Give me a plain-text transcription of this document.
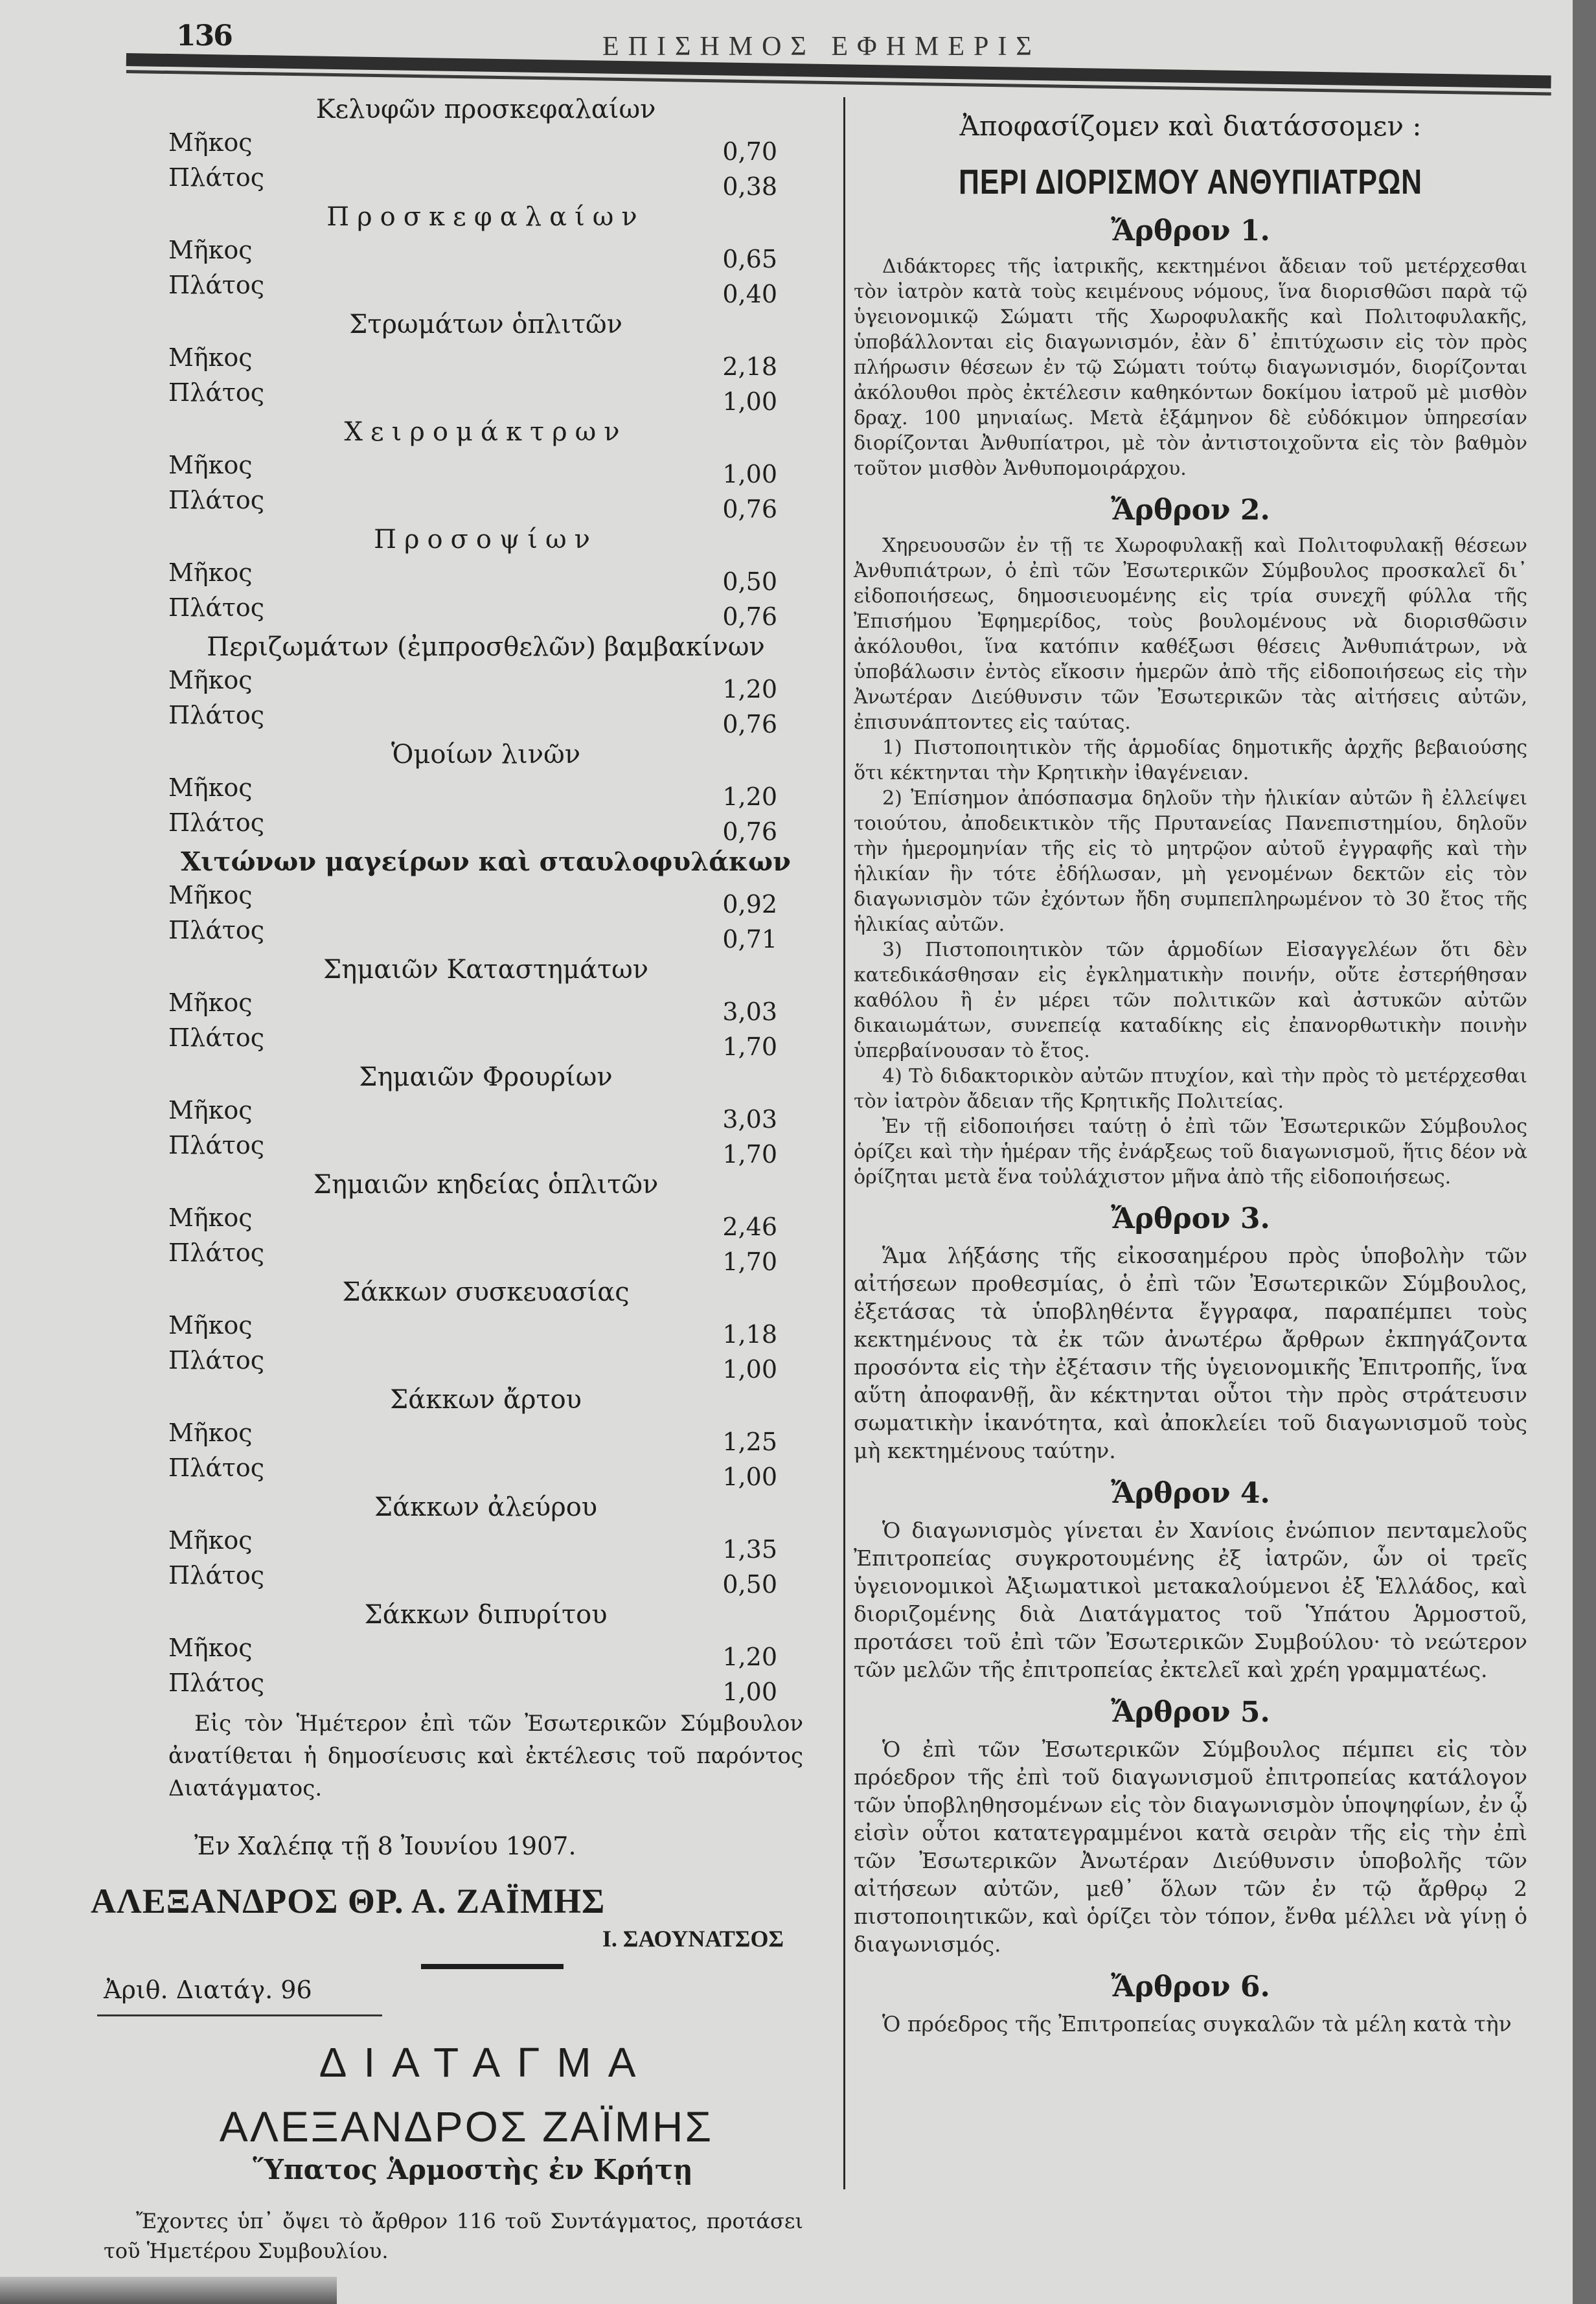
136	ΕΠΙΣΗΜΟΣ ΕΦΗΜΕΡΙΣ
Κελυφῶν προσκεφαλαίων
Μῆκος	0,70
Πλάτος	0,38
Προσκεφαλαίων
Μῆκος	0,65
Πλάτος	0,40
Στρωμάτων ὁπλιτῶν
Μῆκος	2,18
Πλάτος	1,00
Χειρομάκτρων
Μῆκος	1,00
Πλάτος	0,76
Προσοψίων
Μῆκος	0,50
Πλάτος	0,76
Περιζωμάτων (ἐμπροσθελῶν) βαμβακίνων
Μῆκος	1,20
Πλάτος	0,76
Ὁμοίων λινῶν
Μῆκος	1,20
Πλάτος	0,76
Χιτώνων μαγείρων καὶ σταυλοφυλάκων
Μῆκος	0,92
Πλάτος	0,71
Σημαιῶν Καταστημάτων
Μῆκος	3,03
Πλάτος	1,70
Σημαιῶν Φρουρίων
Μῆκος	3,03
Πλάτος	1,70
Σημαιῶν κηδείας ὁπλιτῶν
Μῆκος	2,46
Πλάτος	1,70
Σάκκων συσκευασίας
Μῆκος	1,18
Πλάτος	1,00
Σάκκων ἄρτου
Μῆκος	1,25
Πλάτος	1,00
Σάκκων ἀλεύρου
Μῆκος	1,35
Πλάτος	0,50
Σάκκων διπυρίτου
Μῆκος	1,20
Πλάτος	1,00

Εἰς τὸν Ἡμέτερον ἐπὶ τῶν Ἐσωτερικῶν Σύμβουλον ἀνατίθεται ἡ δημοσίευσις καὶ ἐκτέλεσις τοῦ παρόντος Διατάγματος.

Ἐν Χαλέπᾳ τῇ 8 Ἰουνίου 1907.
ΑΛΕΞΑΝΔΡΟΣ ΘΡ. Α. ΖΑΪΜΗΣ
Ι. ΣΑΟΥΝΑΤΣΟΣ
Ἀριθ. Διατάγ. 96
ΔΙΑΤΑΓΜΑ
ΑΛΕΞΑΝΔΡΟΣ ΖΑΪΜΗΣ
Ὕπατος Ἁρμοστὴς ἐν Κρήτῃ

Ἔχοντες ὑπ᾿ ὄψει τὸ ἄρθρον 116 τοῦ Συντάγματος, προτάσει τοῦ Ἡμετέρου Συμβουλίου.

Ἀποφασίζομεν καὶ διατάσσομεν :
ΠΕΡΙ ΔΙΟΡΙΣΜΟΥ ΑΝΘΥΠΙΑΤΡΩΝ
Ἄρθρον 1.

Διδάκτορες τῆς ἰατρικῆς, κεκτημένοι ἄδειαν τοῦ μετέρχεσθαι τὸν ἰατρὸν κατὰ τοὺς κειμένους νόμους, ἵνα διορισθῶσι παρὰ τῷ ὑγειονομικῷ Σώματι τῆς Χωροφυλακῆς καὶ Πολιτοφυλακῆς, ὑποβάλλονται εἰς διαγωνισμόν, ἐὰν δ᾿ ἐπιτύχωσιν εἰς τὸν πρὸς πλήρωσιν θέσεων ἐν τῷ Σώματι τούτῳ διαγωνισμόν, διορίζονται ἀκόλουθοι πρὸς ἐκτέλεσιν καθηκόντων δοκίμου ἰατροῦ μὲ μισθὸν δραχ. 100 μηνιαίως. Μετὰ ἑξάμηνον δὲ εὐδόκιμον ὑπηρεσίαν διορίζονται Ἀνθυπίατροι, μὲ τὸν ἀντιστοιχοῦντα εἰς τὸν βαθμὸν τοῦτον μισθὸν Ἀνθυπομοιράρχου.

Ἄρθρον 2.

Χηρευουσῶν ἐν τῇ τε Χωροφυλακῇ καὶ Πολιτοφυλακῇ θέσεων Ἀνθυπιάτρων, ὁ ἐπὶ τῶν Ἐσωτερικῶν Σύμβουλος προσκαλεῖ δι᾿ εἰδοποιήσεως, δημοσιευομένης εἰς τρία συνεχῆ φύλλα τῆς Ἐπισήμου Ἐφημερίδος, τοὺς βουλομένους νὰ διορισθῶσιν ἀκόλουθοι, ἵνα κατόπιν καθέξωσι θέσεις Ἀνθυπιάτρων, νὰ ὑποβάλωσιν ἐντὸς εἴκοσιν ἡμερῶν ἀπὸ τῆς εἰδοποιήσεως εἰς τὴν Ἀνωτέραν Διεύθυνσιν τῶν Ἐσωτερικῶν τὰς αἰτήσεις αὐτῶν, ἐπισυνάπτοντες εἰς ταύτας.

1) Πιστοποιητικὸν τῆς ἁρμοδίας δημοτικῆς ἀρχῆς βεβαιούσης ὅτι κέκτηνται τὴν Κρητικὴν ἰθαγένειαν.

2) Ἐπίσημον ἀπόσπασμα δηλοῦν τὴν ἡλικίαν αὐτῶν ἢ ἐλλείψει τοιούτου, ἀποδεικτικὸν τῆς Πρυτανείας Πανεπιστημίου, δηλοῦν τὴν ἡμερομηνίαν τῆς εἰς τὸ μητρῷον αὐτοῦ ἐγγραφῆς καὶ τὴν ἡλικίαν ἣν τότε ἐδήλωσαν, μὴ γενομένων δεκτῶν εἰς τὸν διαγωνισμὸν τῶν ἐχόντων ἤδη συμπεπληρωμένον τὸ 30 ἔτος τῆς ἡλικίας αὐτῶν.

3) Πιστοποιητικὸν τῶν ἁρμοδίων Εἰσαγγελέων ὅτι δὲν κατεδικάσθησαν εἰς ἐγκληματικὴν ποινήν, οὔτε ἐστερήθησαν καθόλου ἢ ἐν μέρει τῶν πολιτικῶν καὶ ἀστυκῶν αὐτῶν δικαιωμάτων, συνεπείᾳ καταδίκης εἰς ἐπανορθωτικὴν ποινὴν ὑπερβαίνουσαν τὸ ἔτος.

4) Τὸ διδακτορικὸν αὐτῶν πτυχίον, καὶ τὴν πρὸς τὸ μετέρχεσθαι τὸν ἰατρὸν ἄδειαν τῆς Κρητικῆς Πολιτείας.

Ἐν τῇ εἰδοποιήσει ταύτῃ ὁ ἐπὶ τῶν Ἐσωτερικῶν Σύμβουλος ὁρίζει καὶ τὴν ἡμέραν τῆς ἐνάρξεως τοῦ διαγωνισμοῦ, ἥτις δέον νὰ ὁρίζηται μετὰ ἕνα τοὐλάχιστον μῆνα ἀπὸ τῆς εἰδοποιήσεως.

Ἄρθρον 3.

Ἅμα λήξάσης τῆς εἰκοσαημέρου πρὸς ὑποβολὴν τῶν αἰτήσεων προθεσμίας, ὁ ἐπὶ τῶν Ἐσωτερικῶν Σύμβουλος, ἐξετάσας τὰ ὑποβληθέντα ἔγγραφα, παραπέμπει τοὺς κεκτημένους τὰ ἐκ τῶν ἀνωτέρω ἄρθρων ἐκπηγάζοντα προσόντα εἰς τὴν ἐξέτασιν τῆς ὑγειονομικῆς Ἐπιτροπῆς, ἵνα αὕτη ἀποφανθῇ, ἂν κέκτηνται οὗτοι τὴν πρὸς στράτευσιν σωματικὴν ἱκανότητα, καὶ ἀποκλείει τοῦ διαγωνισμοῦ τοὺς μὴ κεκτημένους ταύτην.

Ἄρθρον 4.

Ὁ διαγωνισμὸς γίνεται ἐν Χανίοις ἐνώπιον πενταμελοῦς Ἐπιτροπείας συγκροτουμένης ἐξ ἰατρῶν, ὧν οἱ τρεῖς ὑγειονομικοὶ Ἀξιωματικοὶ μετακαλούμενοι ἐξ Ἑλλάδος, καὶ διοριζομένης διὰ Διατάγματος τοῦ Ὑπάτου Ἁρμοστοῦ, προτάσει τοῦ ἐπὶ τῶν Ἐσωτερικῶν Συμβούλου· τὸ νεώτερον τῶν μελῶν τῆς ἐπιτροπείας ἐκτελεῖ καὶ χρέη γραμματέως.

Ἄρθρον 5.

Ὁ ἐπὶ τῶν Ἐσωτερικῶν Σύμβουλος πέμπει εἰς τὸν πρόεδρον τῆς ἐπὶ τοῦ διαγωνισμοῦ ἐπιτροπείας κατάλογον τῶν ὑποβληθησομένων εἰς τὸν διαγωνισμὸν ὑποψηφίων, ἐν ᾧ εἰσὶν οὗτοι κατατεγραμμένοι κατὰ σειρὰν τῆς εἰς τὴν ἐπὶ τῶν Ἐσωτερικῶν Ἀνωτέραν Διεύθυνσιν ὑποβολῆς τῶν αἰτήσεων αὐτῶν, μεθ᾿ ὅλων τῶν ἐν τῷ ἄρθρῳ 2 πιστοποιητικῶν, καὶ ὁρίζει τὸν τόπον, ἔνθα μέλλει νὰ γίνῃ ὁ διαγωνισμός.

Ἄρθρον 6.

Ὁ πρόεδρος τῆς Ἐπιτροπείας συγκαλῶν τὰ μέλη κατὰ τὴν
